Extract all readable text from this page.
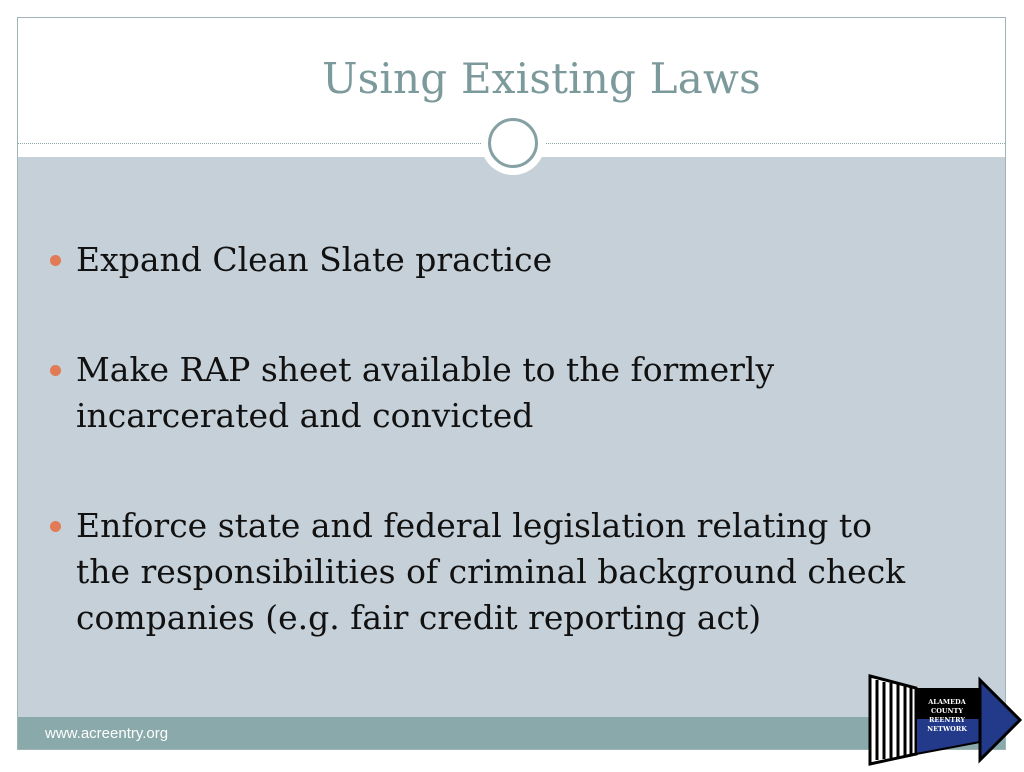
Using Existing Laws
Expand Clean Slate practice
Make RAP sheet available to the formerly incarcerated and convicted
Enforce state and federal legislation relating to the responsibilities of criminal background check companies (e.g. fair credit reporting act)
www.acreentry.org
ALAMEDA COUNTY
REENTRY NETWORK
